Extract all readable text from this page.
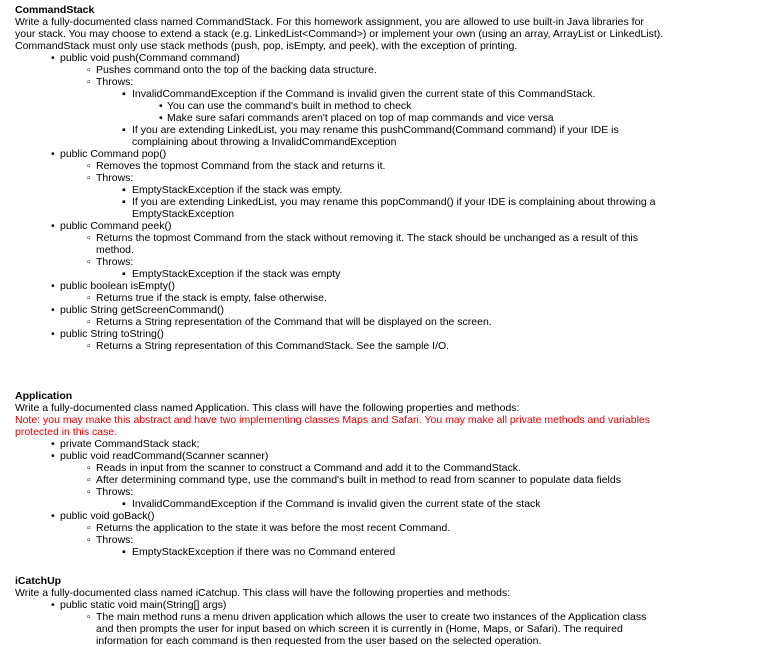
CommandStack
Write a fully-documented class named CommandStack. For this homework assignment, you are allowed to use built-in Java libraries for your stack. You may choose to extend a stack (e.g. LinkedList<Command>) or implement your own (using an array, ArrayList or LinkedList). CommandStack must only use stack methods (push, pop, isEmpty, and peek), with the exception of printing.
• public void push(Command command)
▫ Pushes command onto the top of the backing data structure.
▫ Throws:
▪ InvalidCommandException if the Command is invalid given the current state of this CommandStack.
• You can use the command's built in method to check
• Make sure safari commands aren't placed on top of map commands and vice versa
▪ If you are extending LinkedList, you may rename this pushCommand(Command command) if your IDE is complaining about throwing a InvalidCommandException
• public Command pop()
▫ Removes the topmost Command from the stack and returns it.
▫ Throws:
▪ EmptyStackException if the stack was empty.
▪ If you are extending LinkedList, you may rename this popCommand() if your IDE is complaining about throwing a EmptyStackException
• public Command peek()
▫ Returns the topmost Command from the stack without removing it. The stack should be unchanged as a result of this method.
▫ Throws:
▪ EmptyStackException if the stack was empty
• public boolean isEmpty()
▫ Returns true if the stack is empty, false otherwise.
• public String getScreenCommand()
▫ Returns a String representation of the Command that will be displayed on the screen.
• public String toString()
▫ Returns a String representation of this CommandStack. See the sample I/O.
Application
Write a fully-documented class named Application. This class will have the following properties and methods:
Note: you may make this abstract and have two implementing classes Maps and Safari. You may make all private methods and variables protected in this case.
• private CommandStack stack;
• public void readCommand(Scanner scanner)
▫ Reads in input from the scanner to construct a Command and add it to the CommandStack.
▫ After determining command type, use the command's built in method to read from scanner to populate data fields
▫ Throws:
▪ InvalidCommandException if the Command is invalid given the current state of the stack
• public void goBack()
▫ Returns the application to the state it was before the most recent Command.
▫ Throws:
▪ EmptyStackException if there was no Command entered
iCatchUp
Write a fully-documented class named iCatchup. This class will have the following properties and methods:
• public static void main(String[] args)
▫ The main method runs a menu driven application which allows the user to create two instances of the Application class and then prompts the user for input based on which screen it is currently in (Home, Maps, or Safari). The required information for each command is then requested from the user based on the selected operation.
